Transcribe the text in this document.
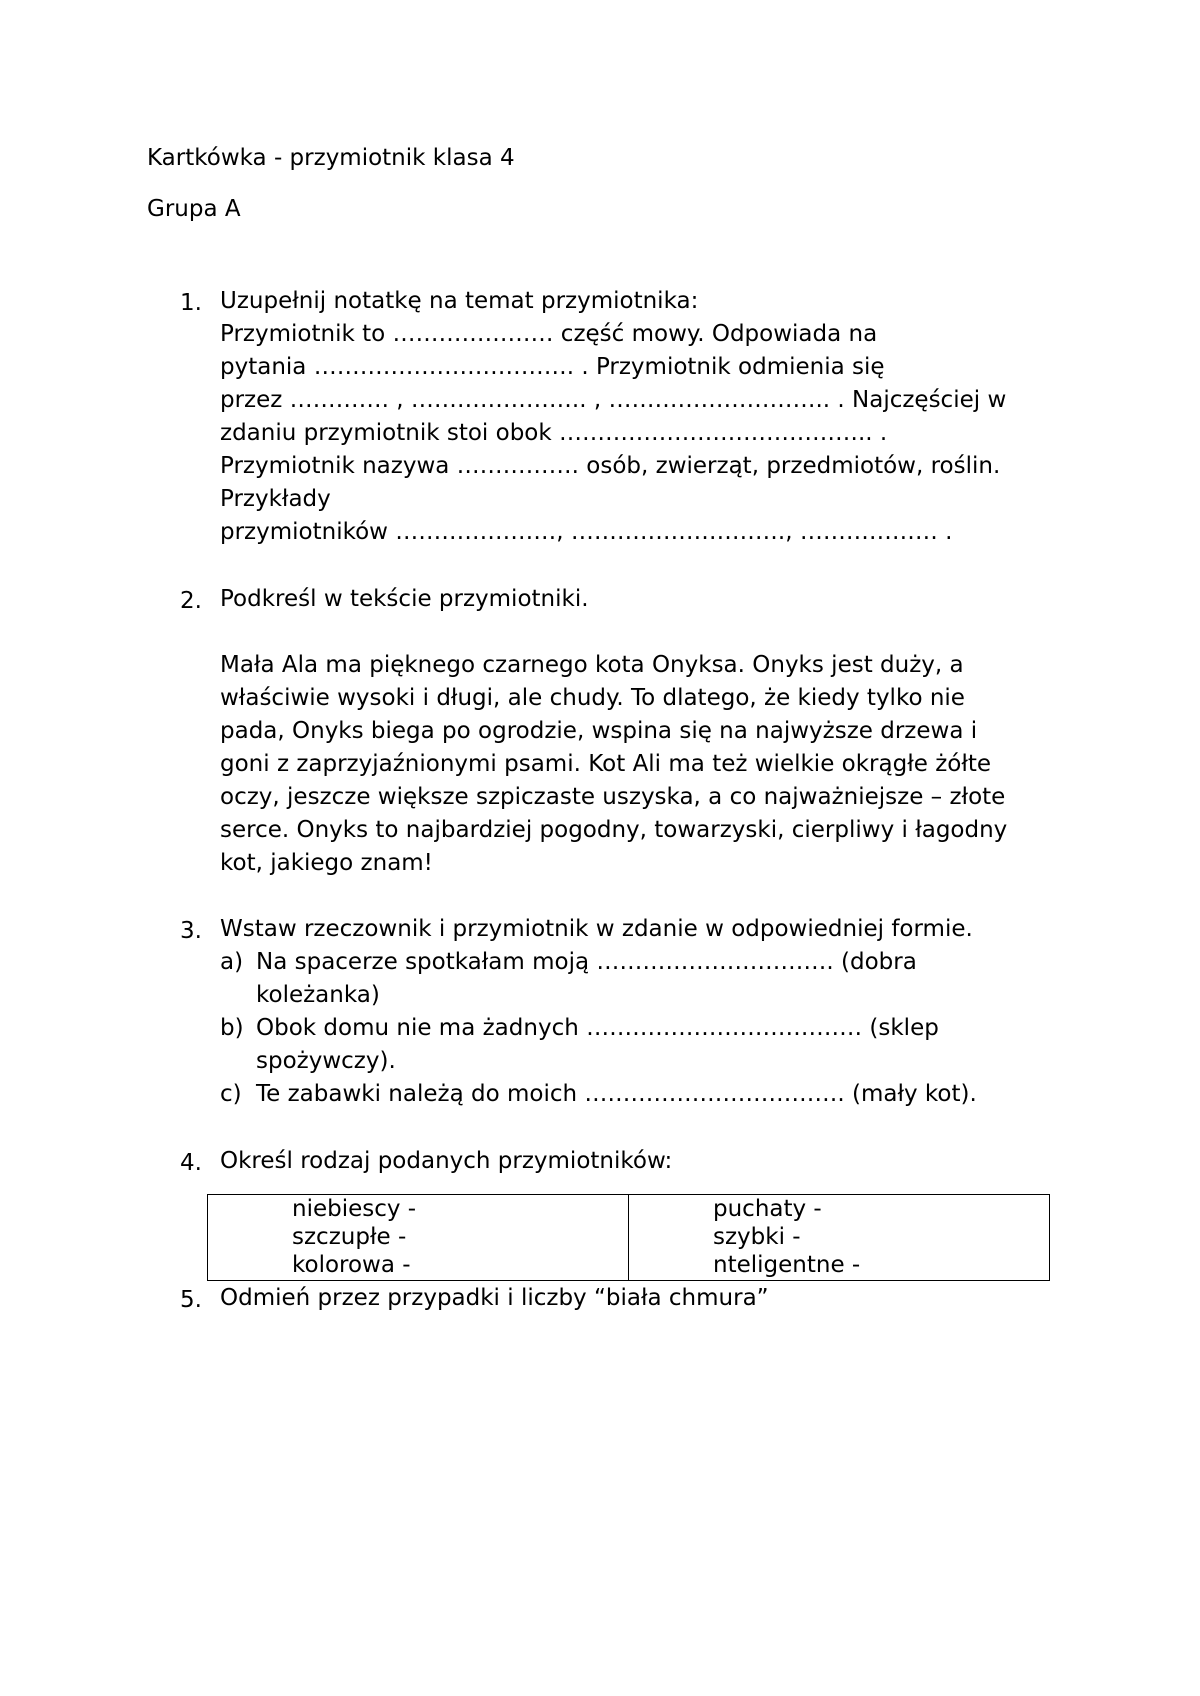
Kartkówka - przymiotnik klasa 4
Grupa A
1. Uzupełnij notatkę na temat przymiotnika:
Przymiotnik to ………………… część mowy. Odpowiada na
pytania ……………………………. . Przymiotnik odmienia się
przez …………. , ………………….. , ……………………….. . Najczęściej w
zdaniu przymiotnik stoi obok ………………………………….. .
Przymiotnik nazywa ……………. osób, zwierząt, przedmiotów, roślin.
Przykłady
przymiotników …………………, ………………………., ……………… .
2. Podkreśl w tekście przymiotniki.
Mała Ala ma pięknego czarnego kota Onyksa. Onyks jest duży, a
właściwie wysoki i długi, ale chudy. To dlatego, że kiedy tylko nie
pada, Onyks biega po ogrodzie, wspina się na najwyższe drzewa i
goni z zaprzyjaźnionymi psami. Kot Ali ma też wielkie okrągłe żółte
oczy, jeszcze większe szpiczaste uszyska, a co najważniejsze – złote
serce. Onyks to najbardziej pogodny, towarzyski, cierpliwy i łagodny
kot, jakiego znam!
3. Wstaw rzeczownik i przymiotnik w zdanie w odpowiedniej formie.
a) Na spacerze spotkałam moją …………………………. (dobra
koleżanka)
b) Obok domu nie ma żadnych ……………………………… (sklep
spożywczy).
c) Te zabawki należą do moich ……………………………. (mały kot).
4. Określ rodzaj podanych przymiotników:
niebiescy -
szczupłe -
kolorowa -

puchaty -
szybki -
nteligentne -
5. Odmień przez przypadki i liczby “biała chmura”
